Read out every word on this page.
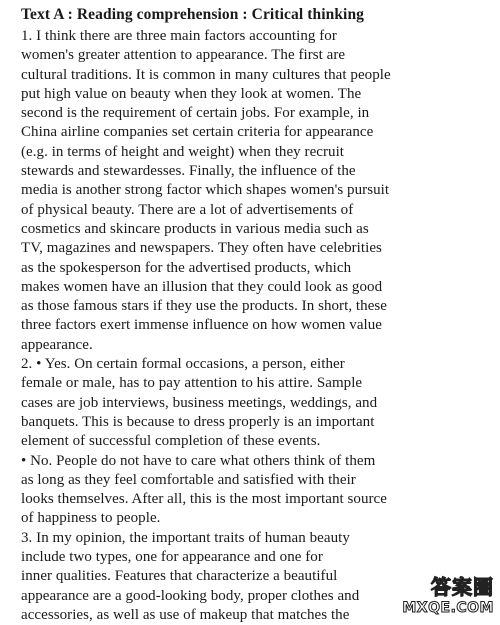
Text A : Reading comprehension : Critical thinking
1. I think there are three main factors accounting for
women's greater attention to appearance. The first are
cultural traditions. It is common in many cultures that people
put high value on beauty when they look at women. The
second is the requirement of certain jobs. For example, in
China airline companies set certain criteria for appearance
(e.g. in terms of height and weight) when they recruit
stewards and stewardesses. Finally, the influence of the
media is another strong factor which shapes women's pursuit
of physical beauty. There are a lot of advertisements of
cosmetics and skincare products in various media such as
TV, magazines and newspapers. They often have celebrities
as the spokesperson for the advertised products, which
makes women have an illusion that they could look as good
as those famous stars if they use the products. In short, these
three factors exert immense influence on how women value
appearance.
2. • Yes. On certain formal occasions, a person, either
female or male, has to pay attention to his attire. Sample
cases are job interviews, business meetings, weddings, and
banquets. This is because to dress properly is an important
element of successful completion of these events.
• No. People do not have to care what others think of them
as long as they feel comfortable and satisfied with their
looks themselves. After all, this is the most important source
of happiness to people.
3. In my opinion, the important traits of human beauty
include two types, one for appearance and one for
inner qualities. Features that characterize a beautiful
appearance are a good-looking body, proper clothes and
accessories, as well as use of makeup that matches the
答案圈
MXQE.COM
